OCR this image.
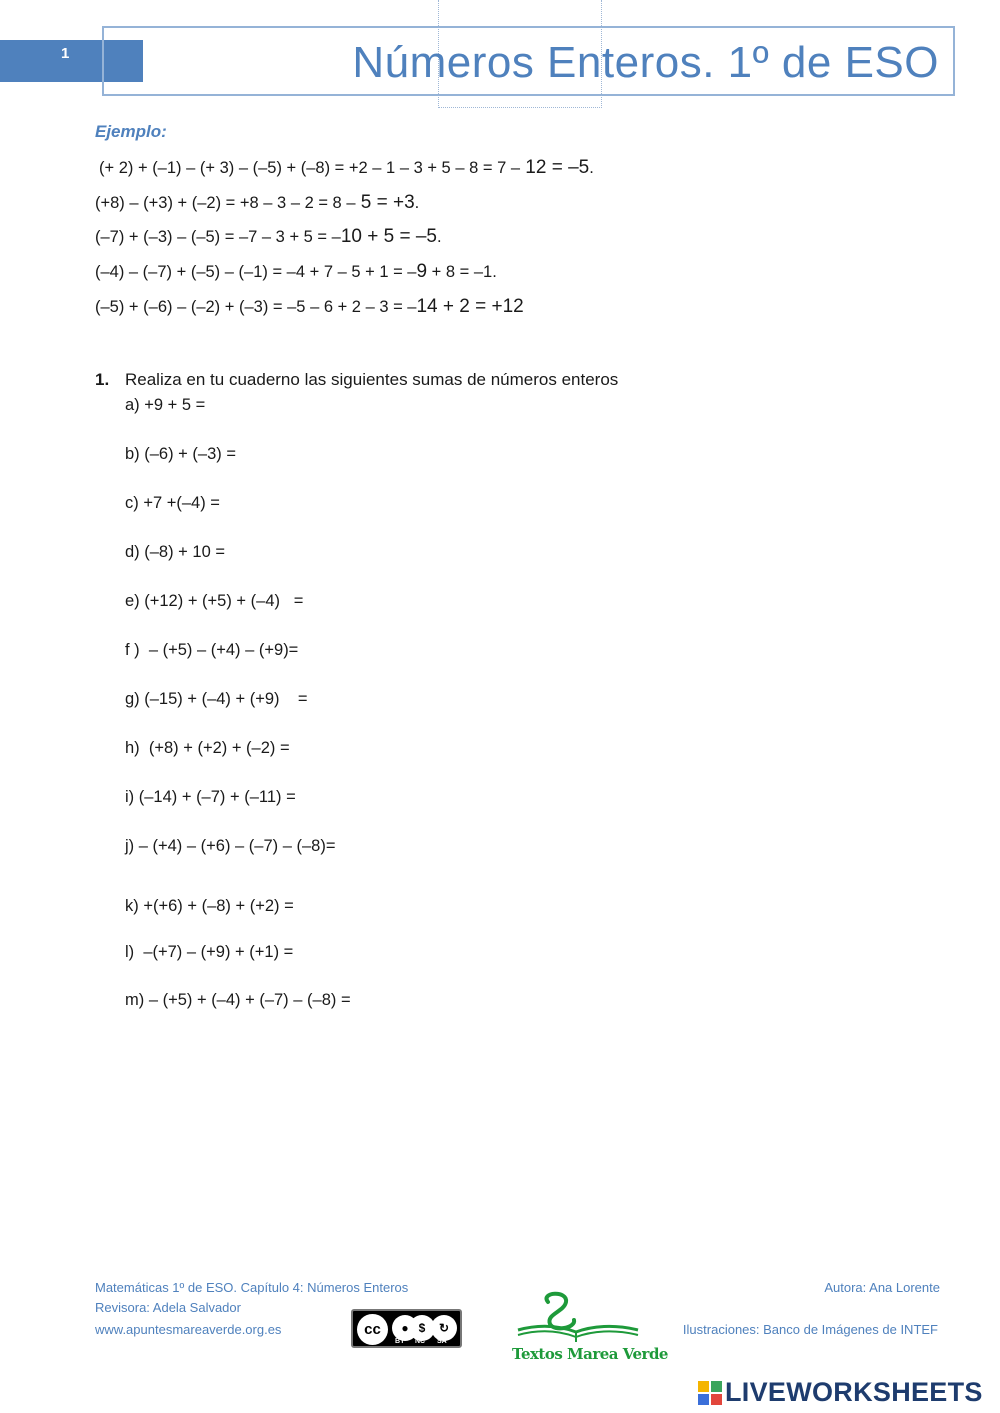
1	Números Enteros. 1º de ESO
Ejemplo:
(+ 2) + (–1) – (+ 3) – (–5) + (–8) = +2 – 1 – 3 + 5 – 8 = 7 – 12 = –5.
(+8) – (+3) + (–2) = +8 – 3 – 2 = 8 – 5 = +3.
(–7) + (–3) – (–5) = –7 – 3 + 5 = –10 + 5 = –5.
(–4) – (–7) + (–5) – (–1) = –4 + 7 – 5 + 1 = –9 + 8 = –1.
(–5) + (–6) – (–2) + (–3) = –5 – 6 + 2 – 3 = –14 + 2 = +12
1. Realiza en tu cuaderno las siguientes sumas de números enteros
a) +9 + 5 =
b) (–6) + (–3) =
c) +7 +(–4) =
d) (–8) + 10 =
e) (+12) + (+5) + (–4)   =
f )  – (+5) – (+4) – (+9)=
g) (–15) + (–4) + (+9)    =
h)  (+8) + (+2) + (–2) =
i) (–14) + (–7) + (–11) =
j) – (+4) – (+6) – (–7) – (–8)=
k) +(+6) + (–8) + (+2) =
l)  –(+7) – (+9) + (+1) =
m) – (+5) + (–4) + (–7) – (–8) =
Matemáticas 1º de ESO. Capítulo 4: Números Enteros
Revisora: Adela Salvador
www.apuntesmareaverde.org.es
Autora: Ana Lorente
Ilustraciones: Banco de Imágenes de INTEF
cc	● $	↻
BY NC SA
Textos Marea Verde
LIVEWORKSHEETS
